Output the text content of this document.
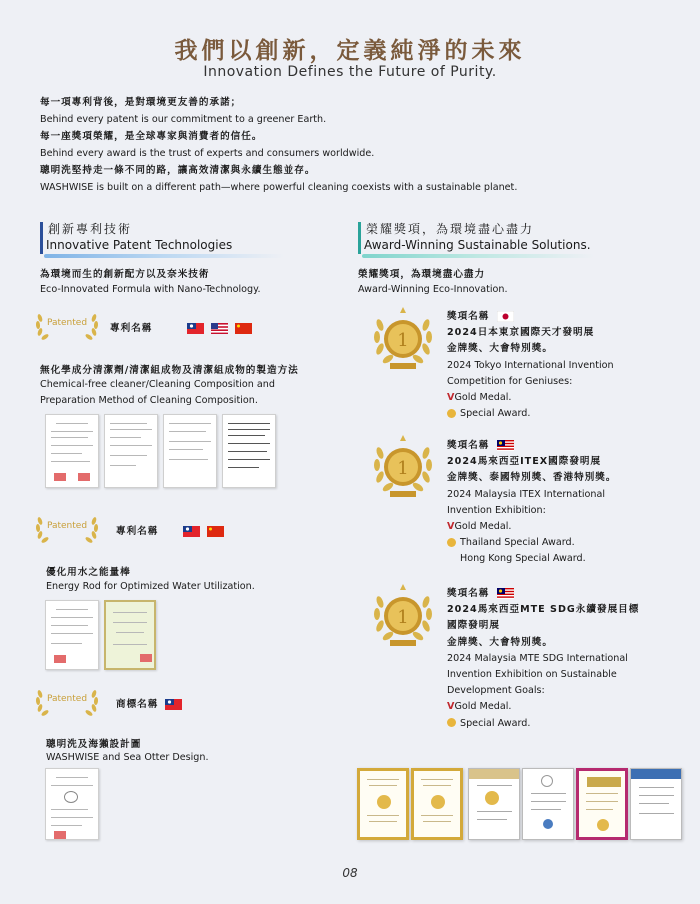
我們以創新，定義純淨的未來
Innovation Defines the Future of Purity.
每一項專利背後，是對環境更友善的承諾；
Behind every patent is our commitment to a greener Earth.
每一座獎項榮耀，是全球專家與消費者的信任。
Behind every award is the trust of experts and consumers worldwide.
聰明洗堅持走一條不同的路，讓高效清潔與永續生態並存。
WASHWISE is built on a different path—where powerful cleaning coexists with a sustainable planet.
創新專利技術
Innovative Patent Technologies
為環境而生的創新配方以及奈米技術
Eco-Innovated Formula with Nano-Technology.
榮耀獎項，為環境盡心盡力
Award-Winning Sustainable Solutions.
榮耀獎項，為環境盡心盡力
Award-Winning Eco-Innovation.
Patented	專利名稱
無化學成分清潔劑/清潔組成物及清潔組成物的製造方法
Chemical-free cleaner/Cleaning Composition and
Preparation Method of Cleaning Composition.
Patented	專利名稱
優化用水之能量棒
Energy Rod for Optimized Water Utilization.
Patented	商標名稱
聰明洗及海獺設計圖
WASHWISE and Sea Otter Design.
1
1
1
獎項名稱
2024日本東京國際天才發明展
金牌獎、大會特別獎。
2024 Tokyo International Invention
Competition for Geniuses:
VGold Medal.
Special Award.
獎項名稱
2024馬來西亞ITEX國際發明展
金牌獎、泰國特別獎、香港特別獎。
2024 Malaysia ITEX International
Invention Exhibition:
VGold Medal.
Thailand Special Award.
Hong Kong Special Award.
獎項名稱
2024馬來西亞MTE SDG永續發展目標
國際發明展
金牌獎、大會特別獎。
2024 Malaysia MTE SDG International
Invention Exhibition on Sustainable
Development Goals:
VGold Medal.
Special Award.
08
